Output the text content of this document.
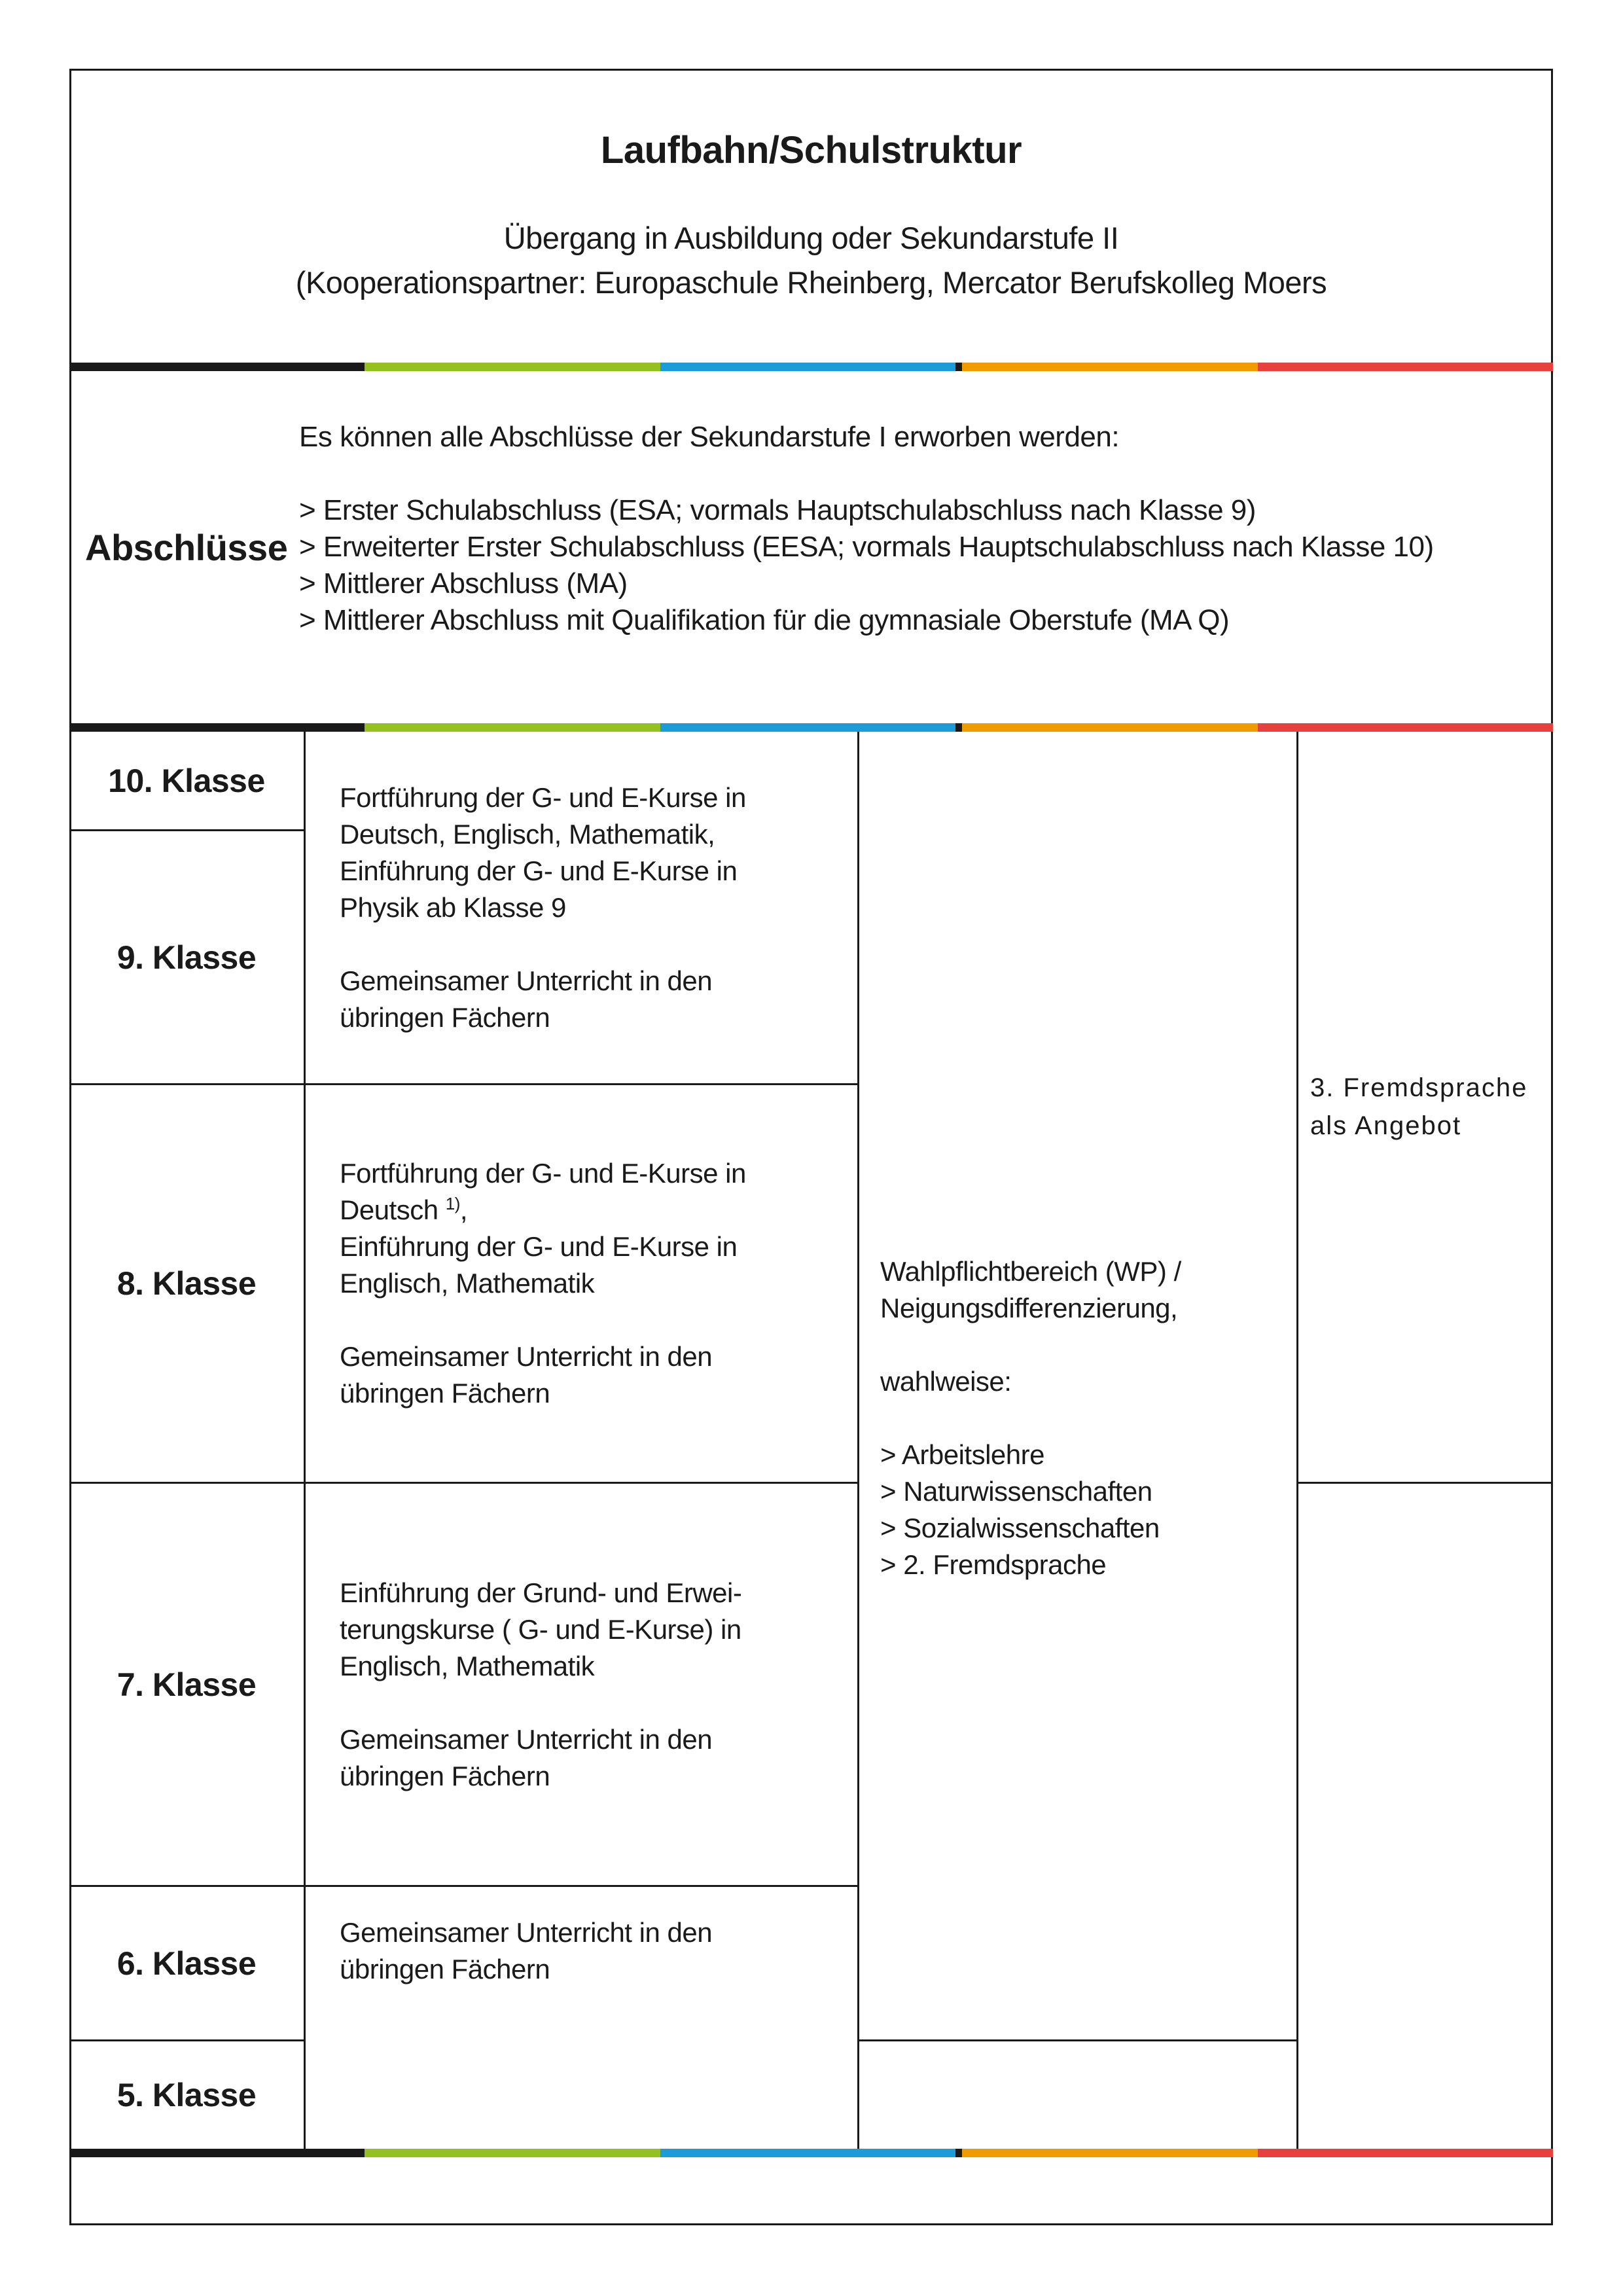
Laufbahn/Schulstruktur
Übergang in Ausbildung oder Sekundarstufe II
(Kooperationspartner: Europaschule Rheinberg, Mercator Berufskolleg Moers
Abschlüsse
Es können alle Abschlüsse der Sekundarstufe I erworben werden:
> Erster Schulabschluss (ESA; vormals Hauptschulabschluss nach Klasse 9)
> Erweiterter Erster Schulabschluss (EESA; vormals Hauptschulabschluss nach Klasse 10)
> Mittlerer Abschluss (MA)
> Mittlerer Abschluss mit Qualifikation für die gymnasiale Oberstufe (MA Q)
10. Klasse
9. Klasse
8. Klasse
7. Klasse
6. Klasse
5. Klasse
Fortführung der G- und E-Kurse in
Deutsch, Englisch, Mathematik,
Einführung der G- und E-Kurse in
Physik ab Klasse 9
Gemeinsamer Unterricht in den
übringen Fächern
Fortführung der G- und E-Kurse in
Deutsch $^{1)}$,
Einführung der G- und E-Kurse in
Englisch, Mathematik
Gemeinsamer Unterricht in den
übringen Fächern
Einführung der Grund- und Erwei-
terungskurse ( G- und E-Kurse) in
Englisch, Mathematik
Gemeinsamer Unterricht in den
übringen Fächern
Gemeinsamer Unterricht in den
übringen Fächern
Wahlpflichtbereich (WP) /
Neigungsdifferenzierung,
wahlweise:
> Arbeitslehre
> Naturwissenschaften
> Sozialwissenschaften
> 2. Fremdsprache
3. Fremdsprache
als Angebot
